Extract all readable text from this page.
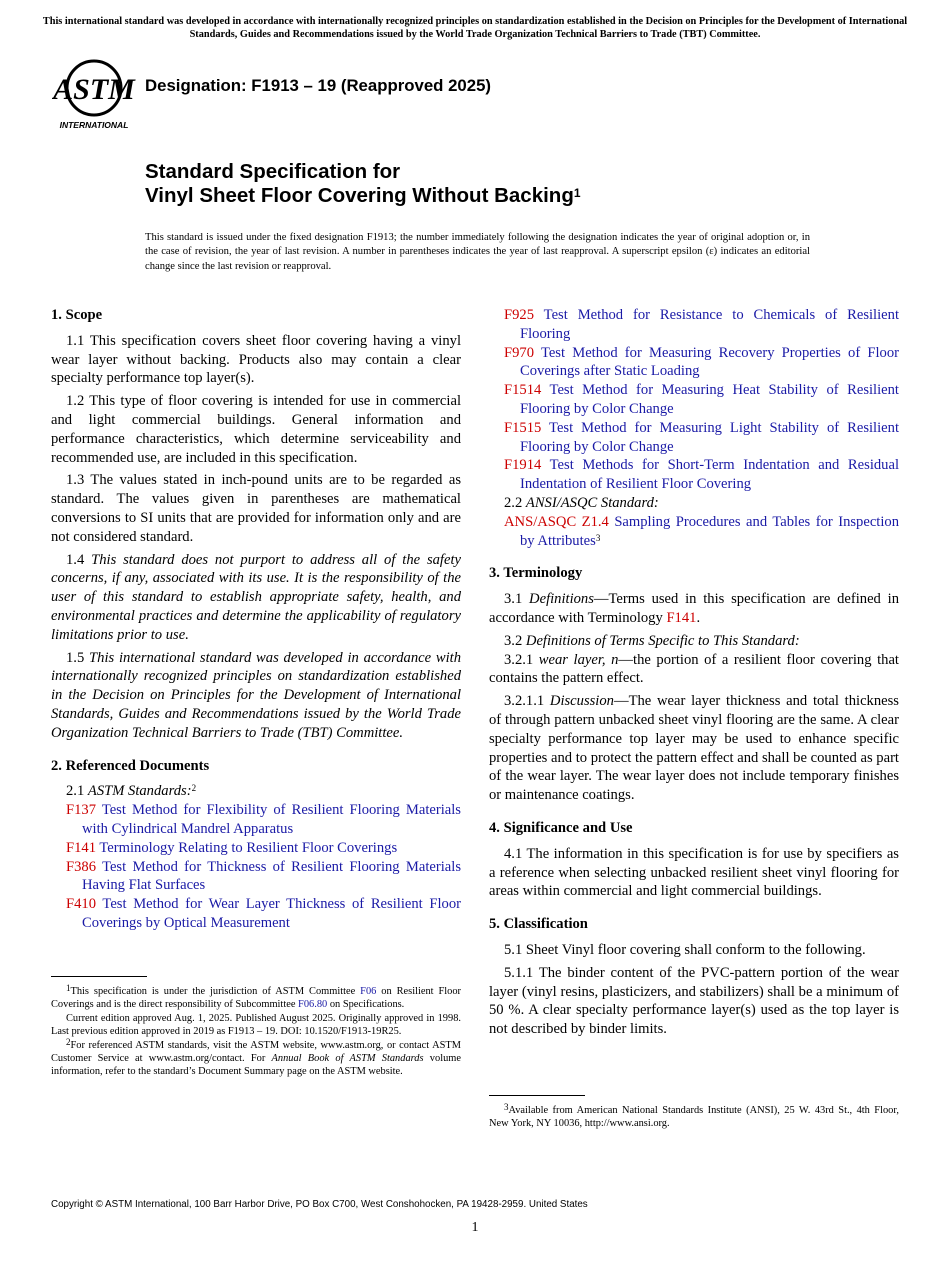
This international standard was developed in accordance with internationally recognized principles on standardization established in the Decision on Principles for the Development of International Standards, Guides and Recommendations issued by the World Trade Organization Technical Barriers to Trade (TBT) Committee.
ASTM
INTERNATIONAL
Designation: F1913 – 19 (Reapproved 2025)
Standard Specification for
Vinyl Sheet Floor Covering Without Backing$^1$
This standard is issued under the fixed designation F1913; the number immediately following the designation indicates the year of original adoption or, in the case of revision, the year of last revision. A number in parentheses indicates the year of last reapproval. A superscript epsilon (ε) indicates an editorial change since the last revision or reapproval.
1. Scope

1.1 This specification covers sheet floor covering having a vinyl wear layer without backing. Products also may contain a clear specialty performance top layer(s).

1.2 This type of floor covering is intended for use in commercial and light commercial buildings. General information and performance characteristics, which determine serviceability and recommended use, are included in this specification.

1.3 The values stated in inch-pound units are to be regarded as standard. The values given in parentheses are mathematical conversions to SI units that are provided for information only and are not considered standard.

1.4 This standard does not purport to address all of the safety concerns, if any, associated with its use. It is the responsibility of the user of this standard to establish appropriate safety, health, and environmental practices and determine the applicability of regulatory limitations prior to use.

1.5 This international standard was developed in accordance with internationally recognized principles on standardization established in the Decision on Principles for the Development of International Standards, Guides and Recommendations issued by the World Trade Organization Technical Barriers to Trade (TBT) Committee.

2. Referenced Documents
2.1 ASTM Standards:$^2$
F137 Test Method for Flexibility of Resilient Flooring Materials with Cylindrical Mandrel Apparatus
F141 Terminology Relating to Resilient Floor Coverings
F386 Test Method for Thickness of Resilient Flooring Materials Having Flat Surfaces
F410 Test Method for Wear Layer Thickness of Resilient Floor Coverings by Optical Measurement

$^1$This specification is under the jurisdiction of ASTM Committee F06 on Resilient Floor Coverings and is the direct responsibility of Subcommittee F06.80 on Specifications.

Current edition approved Aug. 1, 2025. Published August 2025. Originally approved in 1998. Last previous edition approved in 2019 as F1913 – 19. DOI: 10.1520/F1913-19R25.

$^2$For referenced ASTM standards, visit the ASTM website, www.astm.org, or contact ASTM Customer Service at www.astm.org/contact. For Annual Book of ASTM Standards volume information, refer to the standard’s Document Summary page on the ASTM website.

F925 Test Method for Resistance to Chemicals of Resilient Flooring
F970 Test Method for Measuring Recovery Properties of Floor Coverings after Static Loading
F1514 Test Method for Measuring Heat Stability of Resilient Flooring by Color Change
F1515 Test Method for Measuring Light Stability of Resilient Flooring by Color Change
F1914 Test Methods for Short-Term Indentation and Residual Indentation of Resilient Floor Covering
2.2 ANSI/ASQC Standard:
ANS/ASQC Z1.4 Sampling Procedures and Tables for Inspection by Attributes$^3$
3. Terminology

3.1 Definitions—Terms used in this specification are defined in accordance with Terminology F141.

3.2 Definitions of Terms Specific to This Standard:

3.2.1 wear layer, n—the portion of a resilient floor covering that contains the pattern effect.

3.2.1.1 Discussion—The wear layer thickness and total thickness of through pattern unbacked sheet vinyl flooring are the same. A clear specialty performance top layer may be used to enhance specific properties and to protect the pattern effect and shall be counted as part of the wear layer. The wear layer does not include temporary finishes or maintenance coatings.

4. Significance and Use

4.1 The information in this specification is for use by specifiers as a reference when selecting unbacked resilient sheet vinyl flooring for areas within commercial and light commercial buildings.

5. Classification

5.1 Sheet Vinyl floor covering shall conform to the following.

5.1.1 The binder content of the PVC-pattern portion of the wear layer (vinyl resins, plasticizers, and stabilizers) shall be a minimum of 50 %. A clear specialty performance layer(s) used as the top layer is not described by binder limits.

$^3$Available from American National Standards Institute (ANSI), 25 W. 43rd St., 4th Floor, New York, NY 10036, http://www.ansi.org.

Copyright © ASTM International, 100 Barr Harbor Drive, PO Box C700, West Conshohocken, PA 19428-2959. United States
1
